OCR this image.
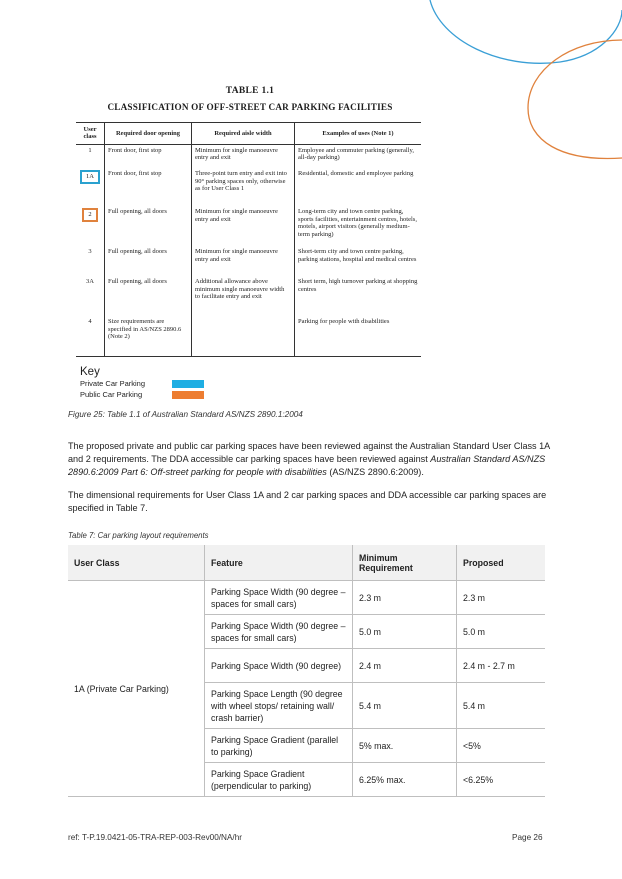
TABLE 1.1
CLASSIFICATION OF OFF-STREET CAR PARKING FACILITIES
User class	Required door opening	Required aisle width	Examples of uses (Note 1)
1	Front door, first stop	Minimum for single manoeuvre entry and exit	Employee and commuter parking (generally, all-day parking)
1A	Front door, first stop	Three-point turn entry and exit into 90° parking spaces only, otherwise as for User Class 1	Residential, domestic and employee parking
2	Full opening, all doors	Minimum for single manoeuvre entry and exit	Long-term city and town centre parking, sports facilities, entertainment centres, hotels, motels, airport visitors (generally medium-term parking)
3	Full opening, all doors	Minimum for single manoeuvre entry and exit	Short-term city and town centre parking, parking stations, hospital and medical centres
3A	Full opening, all doors	Additional allowance above minimum single manoeuvre width to facilitate entry and exit	Short term, high turnover parking at shopping centres
4	Size requirements are specified in AS/NZS 2890.6 (Note 2)		Parking for people with disabilities
Key
Private Car Parking
Public Car Parking
Figure 25: Table 1.1 of Australian Standard AS/NZS 2890.1:2004
The proposed private and public car parking spaces have been reviewed against the Australian Standard User Class 1A and 2 requirements. The DDA accessible car parking spaces have been reviewed against Australian Standard AS/NZS 2890.6:2009 Part 6: Off-street parking for people with disabilities (AS/NZS 2890.6:2009).
The dimensional requirements for User Class 1A and 2 car parking spaces and DDA accessible car parking spaces are specified in Table 7.
Table 7: Car parking layout requirements
User Class	Feature	Minimum Requirement	Proposed
1A (Private Car Parking)	Parking Space Width (90 degree – spaces for small cars)	2.3 m	2.3 m
	Parking Space Width (90 degree – spaces for small cars)	5.0 m	5.0 m
	Parking Space Width (90 degree)	2.4 m	2.4 m - 2.7 m
	Parking Space Length (90 degree with wheel stops/ retaining wall/ crash barrier)	5.4 m	5.4 m
	Parking Space Gradient (parallel to parking)	5% max.	<5%
	Parking Space Gradient (perpendicular to parking)	6.25% max.	<6.25%
ref: T-P.19.0421-05-TRA-REP-003-Rev00/NA/hr	Page 26
